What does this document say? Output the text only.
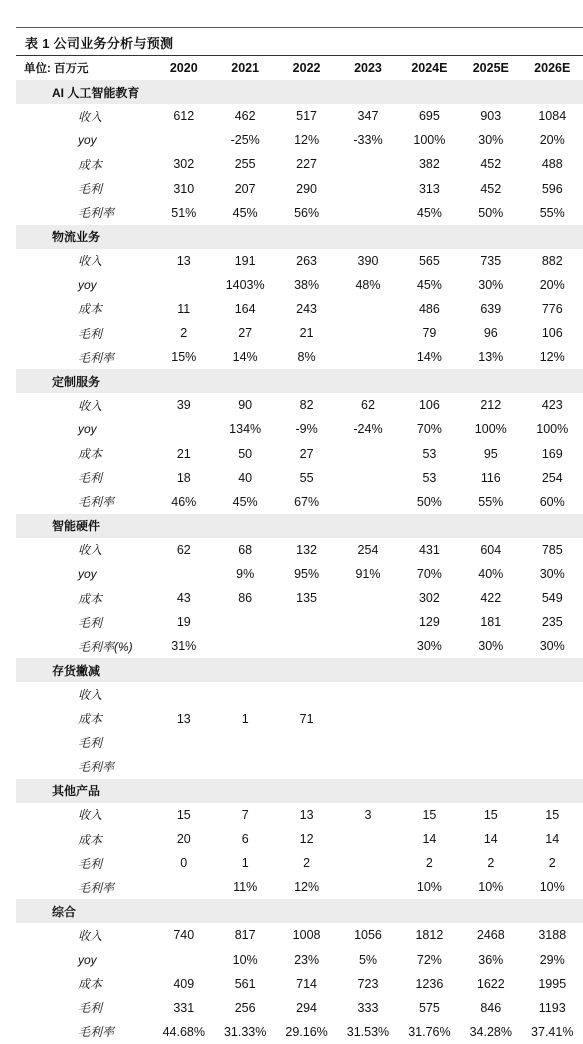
表 1 公司业务分析与预测
单位: 百万元	2020	2021	2022	2023	2024E	2025E	2026E
AI 人工智能教育							
收入	612	462	517	347	695	903	1084
yoy		-25%	12%	-33%	100%	30%	20%
成本	302	255	227		382	452	488
毛利	310	207	290		313	452	596
毛利率	51%	45%	56%		45%	50%	55%
物流业务							
收入	13	191	263	390	565	735	882
yoy		1403%	38%	48%	45%	30%	20%
成本	11	164	243		486	639	776
毛利	2	27	21		79	96	106
毛利率	15%	14%	8%		14%	13%	12%
定制服务							
收入	39	90	82	62	106	212	423
yoy		134%	-9%	-24%	70%	100%	100%
成本	21	50	27		53	95	169
毛利	18	40	55		53	116	254
毛利率	46%	45%	67%		50%	55%	60%
智能硬件							
收入	62	68	132	254	431	604	785
yoy		9%	95%	91%	70%	40%	30%
成本	43	86	135		302	422	549
毛利	19				129	181	235
毛利率(%)	31%				30%	30%	30%
存货撇减							
收入							
成本	13	1	71				
毛利							
毛利率							
其他产品							
收入	15	7	13	3	15	15	15
成本	20	6	12		14	14	14
毛利	0	1	2		2	2	2
毛利率		11%	12%		10%	10%	10%
综合							
收入	740	817	1008	1056	1812	2468	3188
yoy		10%	23%	5%	72%	36%	29%
成本	409	561	714	723	1236	1622	1995
毛利	331	256	294	333	575	846	1193
毛利率	44.68%	31.33%	29.16%	31.53%	31.76%	34.28%	37.41%
